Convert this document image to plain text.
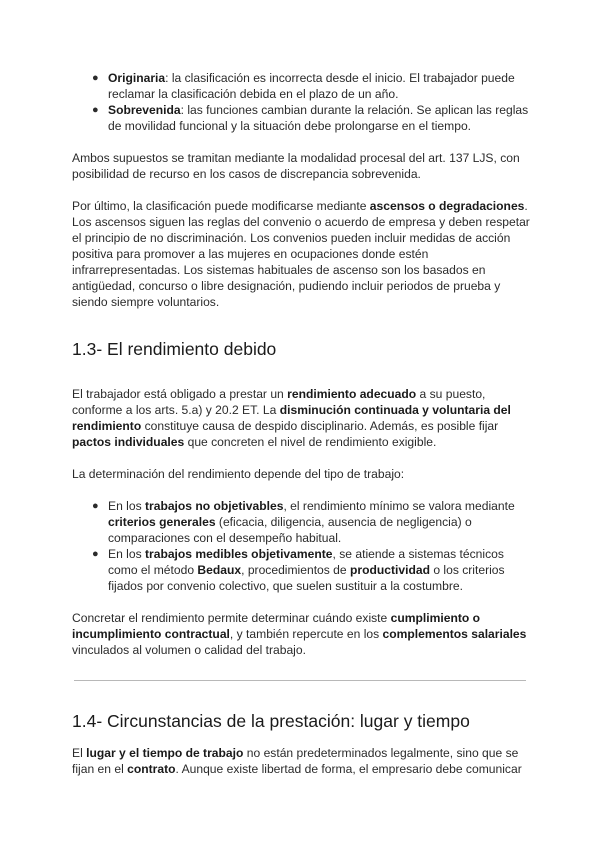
● Originaria: la clasificación es incorrecta desde el inicio. El trabajador puede reclamar la clasificación debida en el plazo de un año.
● Sobrevenida: las funciones cambian durante la relación. Se aplican las reglas de movilidad funcional y la situación debe prolongarse en el tiempo.

Ambos supuestos se tramitan mediante la modalidad procesal del art. 137 LJS, con posibilidad de recurso en los casos de discrepancia sobrevenida.

Por último, la clasificación puede modificarse mediante ascensos o degradaciones. Los ascensos siguen las reglas del convenio o acuerdo de empresa y deben respetar el principio de no discriminación. Los convenios pueden incluir medidas de acción positiva para promover a las mujeres en ocupaciones donde estén infrarrepresentadas. Los sistemas habituales de ascenso son los basados en antigüedad, concurso o libre designación, pudiendo incluir periodos de prueba y siendo siempre voluntarios.

1.3- El rendimiento debido

El trabajador está obligado a prestar un rendimiento adecuado a su puesto, conforme a los arts. 5.a) y 20.2 ET. La disminución continuada y voluntaria del rendimiento constituye causa de despido disciplinario. Además, es posible fijar pactos individuales que concreten el nivel de rendimiento exigible.

La determinación del rendimiento depende del tipo de trabajo:

● En los trabajos no objetivables, el rendimiento mínimo se valora mediante criterios generales (eficacia, diligencia, ausencia de negligencia) o comparaciones con el desempeño habitual.
● En los trabajos medibles objetivamente, se atiende a sistemas técnicos como el método Bedaux, procedimientos de productividad o los criterios fijados por convenio colectivo, que suelen sustituir a la costumbre.

Concretar el rendimiento permite determinar cuándo existe cumplimiento o incumplimiento contractual, y también repercute en los complementos salariales vinculados al volumen o calidad del trabajo.

1.4- Circunstancias de la prestación: lugar y tiempo

El lugar y el tiempo de trabajo no están predeterminados legalmente, sino que se fijan en el contrato. Aunque existe libertad de forma, el empresario debe comunicar
